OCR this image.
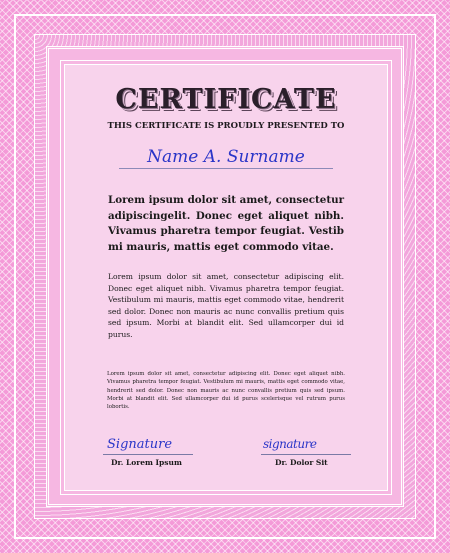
CERTIFICATE
THIS CERTIFICATE IS PROUDLY PRESENTED TO
Name A. Surname

Lorem ipsum dolor sit amet, consectetur adipiscingelit. Donec eget aliquet nibh. Vivamus pharetra tempor feugiat. Vestib mi mauris, mattis eget commodo vitae.

Lorem ipsum dolor sit amet, consectetur adipiscing elit. Donec eget aliquet nibh. Vivamus pharetra tempor feugiat. Vestibulum mi mauris, mattis eget commodo vitae, hendrerit sed dolor. Donec non mauris ac nunc convallis pretium quis sed ipsum. Morbi at blandit elit. Sed ullamcorper dui id purus.

Lorem ipsum dolor sit amet, consectetur adipiscing elit. Donec eget aliquet nibh. Vivamus pharetra tempor feugiat. Vestibulum mi mauris, mattis eget commodo vitae, hendrerit sed dolor. Donec non mauris ac nunc convallis pretium quis sed ipsum. Morbi at blandit elit. Sed ullamcorper dui id purus scelerisque vel rutrum purus lobortis.

Signature
Dr. Lorem Ipsum
signature
Dr. Dolor Sit
